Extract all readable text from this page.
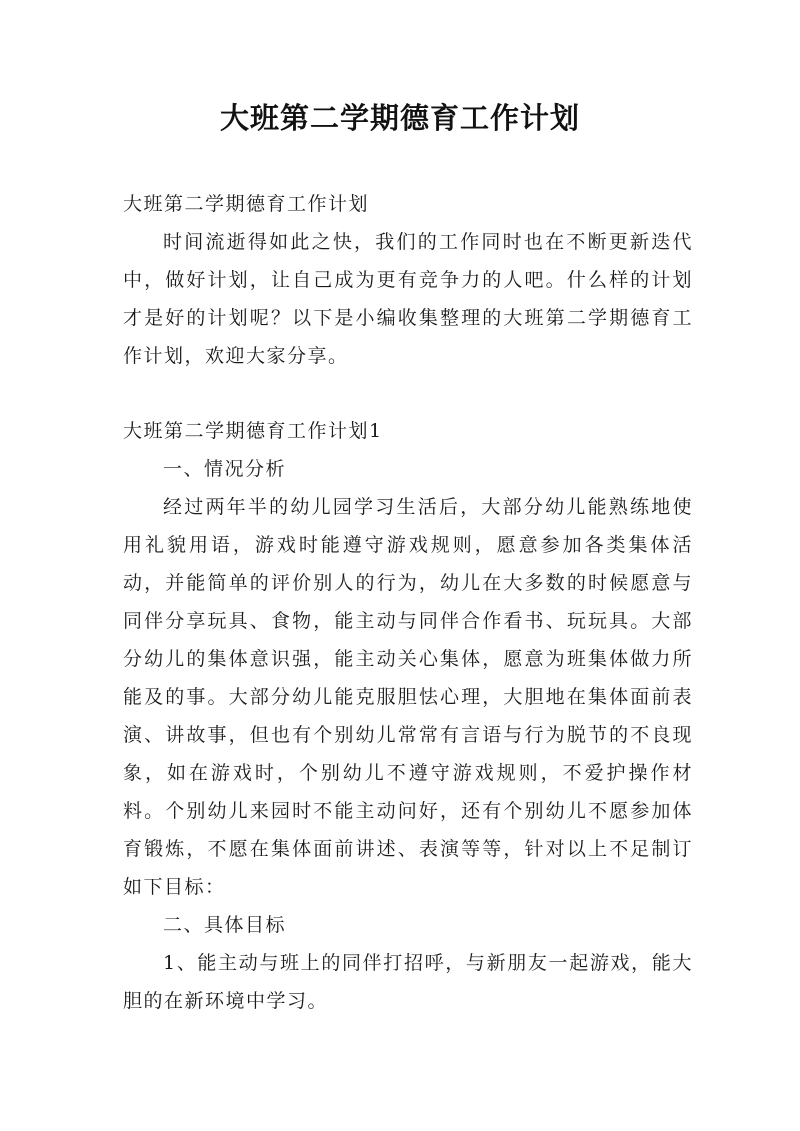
大班第二学期德育工作计划

大班第二学期德育工作计划

时间流逝得如此之快，我们的工作同时也在不断更新迭代中，做好计划，让自己成为更有竞争力的人吧。什么样的计划才是好的计划呢？以下是小编收集整理的大班第二学期德育工作计划，欢迎大家分享。

大班第二学期德育工作计划1

一、情况分析

经过两年半的幼儿园学习生活后，大部分幼儿能熟练地使用礼貌用语，游戏时能遵守游戏规则，愿意参加各类集体活动，并能简单的评价别人的行为，幼儿在大多数的时候愿意与同伴分享玩具、食物，能主动与同伴合作看书、玩玩具。大部分幼儿的集体意识强，能主动关心集体，愿意为班集体做力所能及的事。大部分幼儿能克服胆怯心理，大胆地在集体面前表演、讲故事，但也有个别幼儿常常有言语与行为脱节的不良现象，如在游戏时，个别幼儿不遵守游戏规则，不爱护操作材料。个别幼儿来园时不能主动问好，还有个别幼儿不愿参加体育锻炼，不愿在集体面前讲述、表演等等，针对以上不足制订如下目标：

二、具体目标

1、能主动与班上的同伴打招呼，与新朋友一起游戏，能大胆的在新环境中学习。
